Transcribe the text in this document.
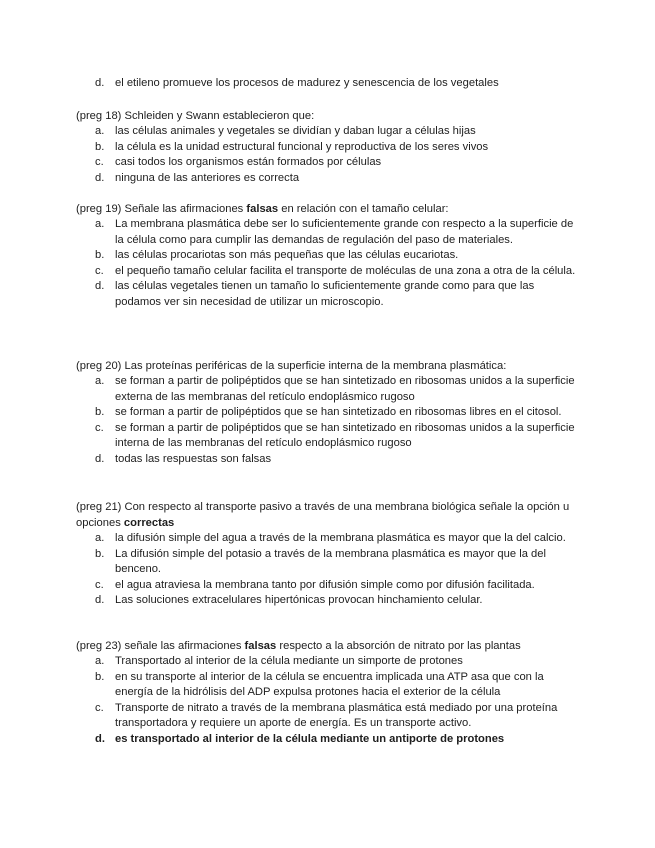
d. el etileno promueve los procesos de madurez y senescencia de los vegetales
(preg 18) Schleiden y Swann establecieron que:
a. las células animales y vegetales se dividían y daban lugar a células hijas
b. la célula es la unidad estructural funcional y reproductiva de los seres vivos
c. casi todos los organismos están formados por células
d. ninguna de las anteriores es correcta
(preg 19) Señale las afirmaciones falsas en relación con el tamaño celular:
a. La membrana plasmática debe ser lo suficientemente grande con respecto a la superficie de la célula como para cumplir las demandas de regulación del paso de materiales.
b. las células procariotas son más pequeñas que las células eucariotas.
c. el pequeño tamaño celular facilita el transporte de moléculas de una zona a otra de la célula.
d. las células vegetales tienen un tamaño lo suficientemente grande como para que las podamos ver sin necesidad de utilizar un microscopio.
(preg 20) Las proteínas periféricas de la superficie interna de la membrana plasmática:
a. se forman a partir de polipéptidos que se han sintetizado en ribosomas unidos a la superficie externa de las membranas del retículo endoplásmico rugoso
b. se forman a partir de polipéptidos que se han sintetizado en ribosomas libres en el citosol.
c. se forman a partir de polipéptidos que se han sintetizado en ribosomas unidos a la superficie interna de las membranas del retículo endoplásmico rugoso
d. todas las respuestas son falsas
(preg 21) Con respecto al transporte pasivo a través de una membrana biológica señale la opción u opciones correctas
a. la difusión simple del agua a través de la membrana plasmática es mayor que la del calcio.
b. La difusión simple del potasio a través de la membrana plasmática es mayor que la del benceno.
c. el agua atraviesa la membrana tanto por difusión simple como por difusión facilitada.
d. Las soluciones extracelulares hipertónicas provocan hinchamiento celular.
(preg 23) señale las afirmaciones falsas respecto a la absorción de nitrato por las plantas
a. Transportado al interior de la célula mediante un simporte de protones
b. en su transporte al interior de la célula se encuentra implicada una ATP asa que con la energía de la hidrólisis del ADP expulsa protones hacia el exterior de la célula
c. Transporte de nitrato a través de la membrana plasmática está mediado por una proteína transportadora y requiere un aporte de energía. Es un transporte activo.
d. es transportado al interior de la célula mediante un antiporte de protones
